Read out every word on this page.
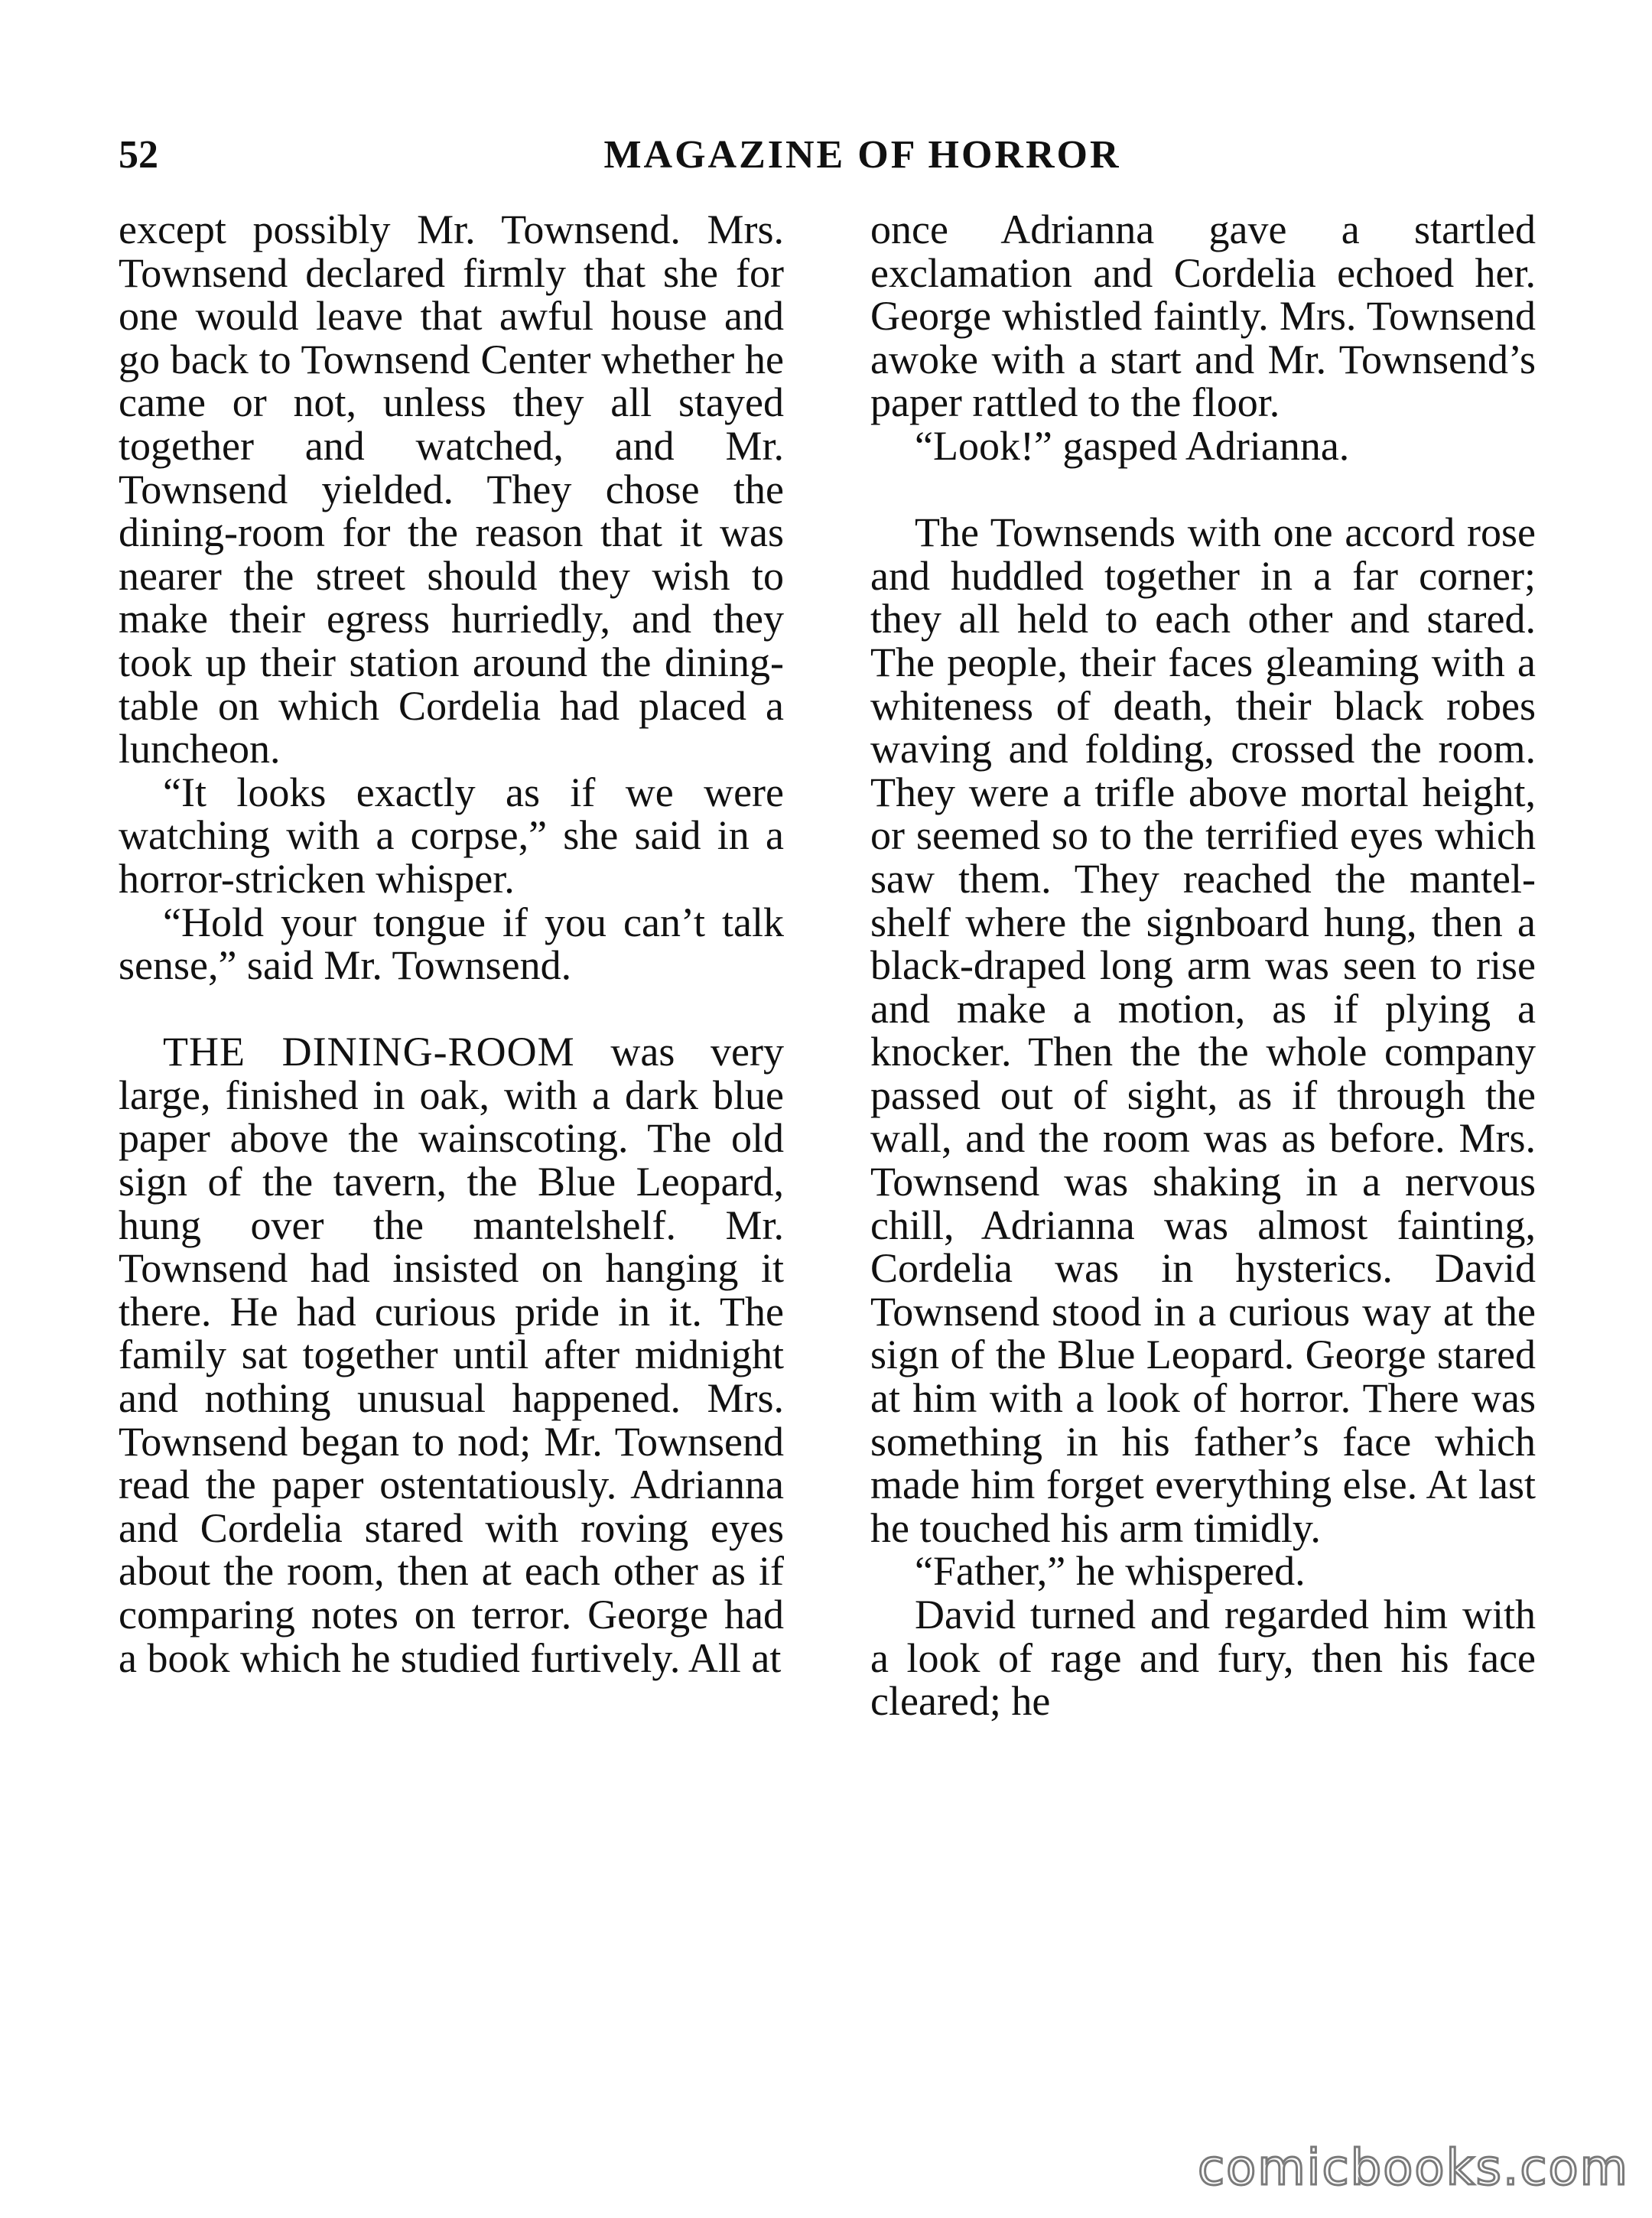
52	MAGAZINE OF HORROR

except possibly Mr. Townsend. Mrs. Townsend declared firmly that she for one would leave that awful house and go back to Townsend Center whether he came or not, unless they all stayed together and watched, and Mr. Townsend yielded. They chose the dining-room for the reason that it was nearer the street should they wish to make their egress hurriedly, and they took up their station around the dining-table on which Cordelia had placed a luncheon.

“It looks exactly as if we were watching with a corpse,” she said in a horror-stricken whisper.

“Hold your tongue if you can’t talk sense,” said Mr. Townsend.

THE DINING-ROOM was very large, finished in oak, with a dark blue paper above the wainscoting. The old sign of the tavern, the Blue Leopard, hung over the mantelshelf. Mr. Townsend had insisted on hanging it there. He had curious pride in it. The family sat together until after midnight and nothing unusual happened. Mrs. Townsend began to nod; Mr. Townsend read the paper ostentatiously. Adrianna and Cordelia stared with roving eyes about the room, then at each other as if comparing notes on terror. George had a book which he studied furtively. All at

once Adrianna gave a startled exclamation and Cordelia echoed her. George whistled faintly. Mrs. Townsend awoke with a start and Mr. Townsend’s paper rattled to the floor.

“Look!” gasped Adrianna.

The Townsends with one accord rose and huddled together in a far corner; they all held to each other and stared. The people, their faces gleaming with a whiteness of death, their black robes waving and folding, crossed the room. They were a trifle above mortal height, or seemed so to the terrified eyes which saw them. They reached the mantel-shelf where the signboard hung, then a black-draped long arm was seen to rise and make a motion, as if plying a knocker. Then the the whole company passed out of sight, as if through the wall, and the room was as before. Mrs. Townsend was shaking in a nervous chill, Adrianna was almost fainting, Cordelia was in hysterics. David Townsend stood in a curious way at the sign of the Blue Leopard. George stared at him with a look of horror. There was something in his father’s face which made him forget everything else. At last he touched his arm timidly.

“Father,” he whispered.

David turned and regarded him with a look of rage and fury, then his face cleared; he

comicbooks.com
